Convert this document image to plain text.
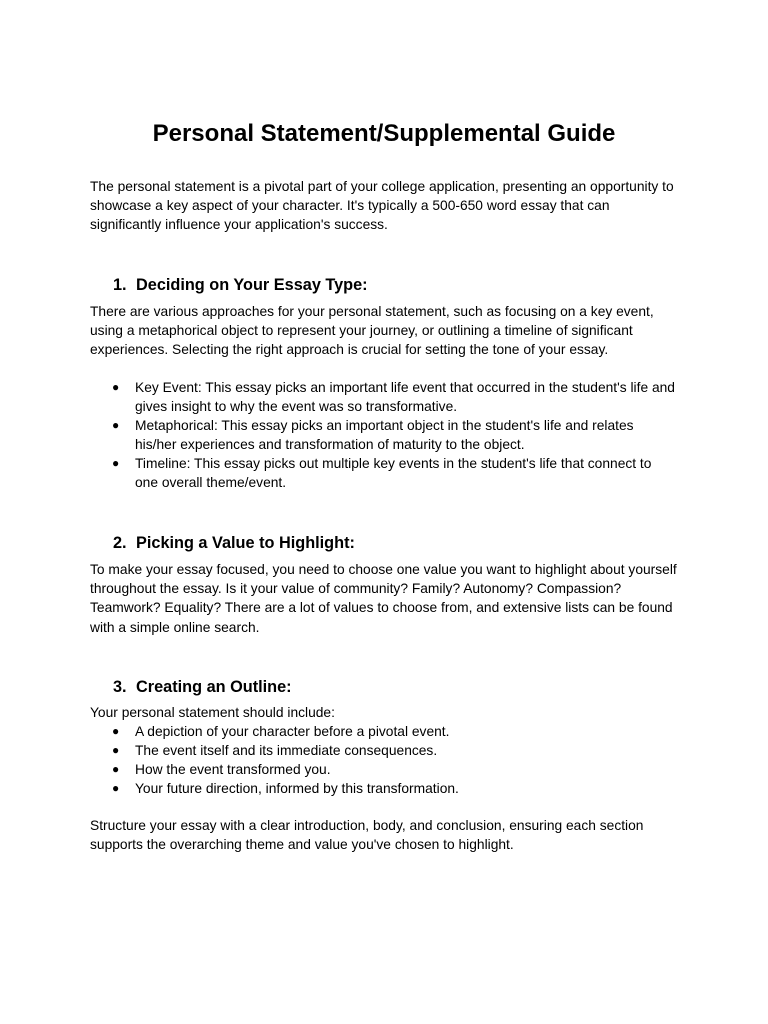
Personal Statement/Supplemental Guide

The personal statement is a pivotal part of your college application, presenting an opportunity to
showcase a key aspect of your character. It's typically a 500-650 word essay that can
significantly influence your application's success.

1. Deciding on Your Essay Type:

There are various approaches for your personal statement, such as focusing on a key event,
using a metaphorical object to represent your journey, or outlining a timeline of significant
experiences. Selecting the right approach is crucial for setting the tone of your essay.

● Key Event: This essay picks an important life event that occurred in the student's life and
gives insight to why the event was so transformative.
● Metaphorical: This essay picks an important object in the student's life and relates
his/her experiences and transformation of maturity to the object.
● Timeline: This essay picks out multiple key events in the student's life that connect to
one overall theme/event.
2. Picking a Value to Highlight:

To make your essay focused, you need to choose one value you want to highlight about yourself
throughout the essay. Is it your value of community? Family? Autonomy? Compassion?
Teamwork? Equality? There are a lot of values to choose from, and extensive lists can be found
with a simple online search.

3. Creating an Outline:

Your personal statement should include:

● A depiction of your character before a pivotal event.
● The event itself and its immediate consequences.
● How the event transformed you.
● Your future direction, informed by this transformation.

Structure your essay with a clear introduction, body, and conclusion, ensuring each section
supports the overarching theme and value you've chosen to highlight.
